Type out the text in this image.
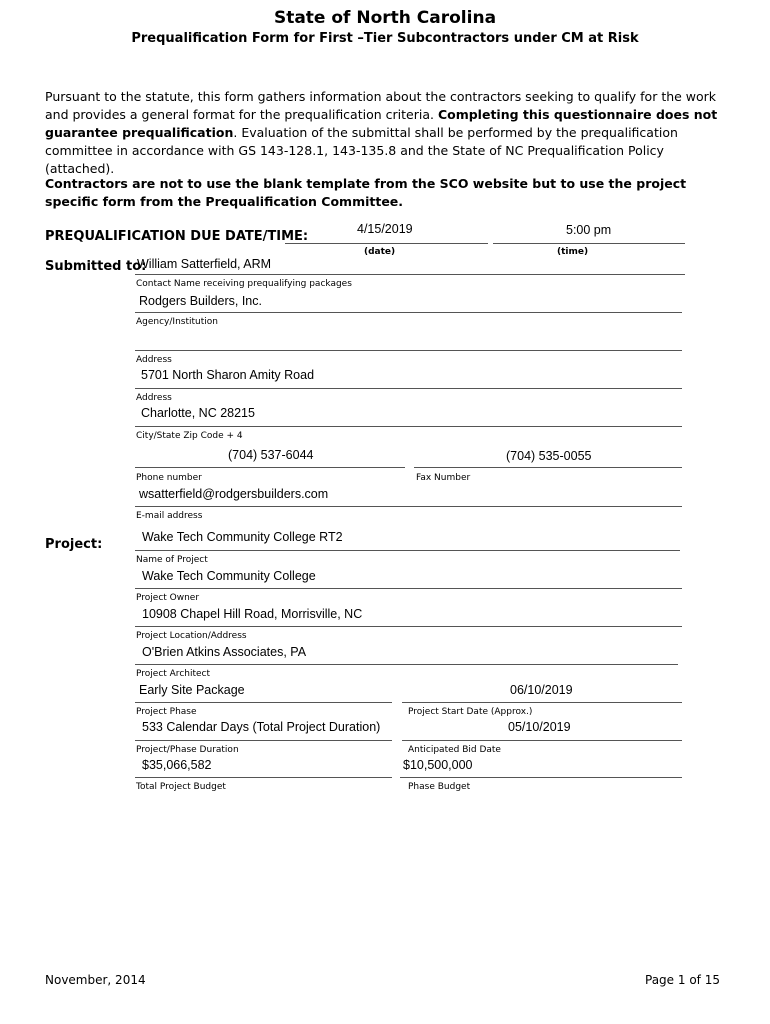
State of North Carolina
Prequalification Form for First –Tier Subcontractors under CM at Risk
Pursuant to the statute, this form gathers information about the contractors seeking to qualify for the work and provides a general format for the prequalification criteria. Completing this questionnaire does not guarantee prequalification. Evaluation of the submittal shall be performed by the prequalification committee in accordance with GS 143-128.1, 143-135.8 and the State of NC Prequalification Policy (attached).
Contractors are not to use the blank template from the SCO website but to use the project specific form from the Prequalification Committee.
PREQUALIFICATION DUE DATE/TIME:	4/15/2019	5:00 pm
(date)	(time)
Submitted to:
William Satterfield, ARM
Contact Name receiving prequalifying packages
Rodgers Builders, Inc.
Agency/Institution
Address
5701 North Sharon Amity Road
Address
Charlotte, NC 28215
City/State Zip Code + 4
(704) 537-6044	(704) 535-0055
Phone number	Fax Number
wsatterfield@rodgersbuilders.com
E-mail address
Project:	Wake Tech Community College RT2
Name of Project
Wake Tech Community College
Project Owner
10908 Chapel Hill Road, Morrisville, NC
Project Location/Address
O'Brien Atkins Associates, PA
Project Architect
Early Site Package	06/10/2019
Project Phase	Project Start Date (Approx.)
533 Calendar Days (Total Project Duration)	05/10/2019
Project/Phase Duration	Anticipated Bid Date
$35,066,582	$10,500,000
Total Project Budget	Phase Budget
November, 2014	Page 1 of 15
